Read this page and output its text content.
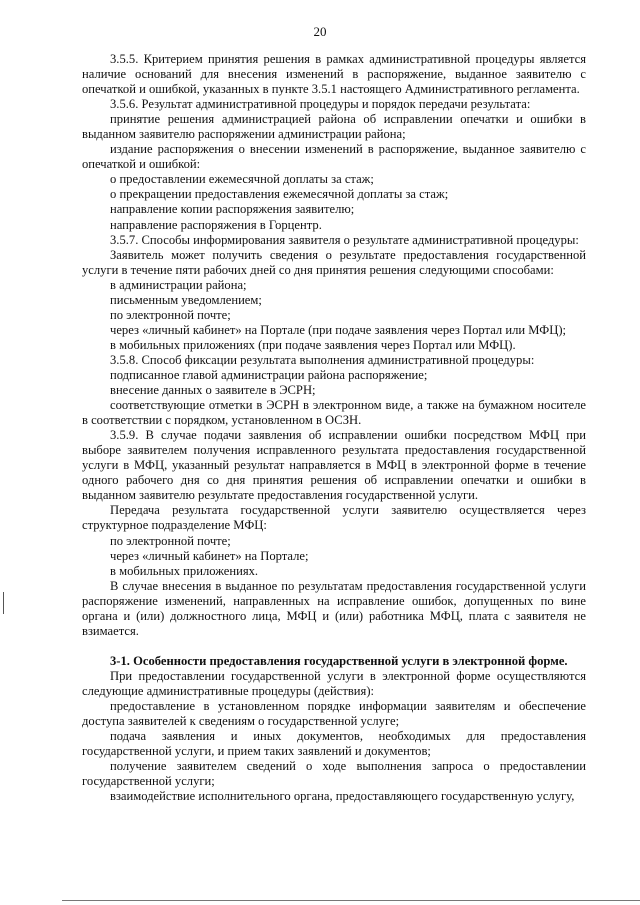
20

3.5.5. Критерием принятия решения в рамках административной процедуры является наличие оснований для внесения изменений в распоряжение, выданное заявителю с опечаткой и ошибкой, указанных в пункте 3.5.1 настоящего Административного регламента.

3.5.6. Результат административной процедуры и порядок передачи результата:

принятие решения администрацией района об исправлении опечатки и ошибки в выданном заявителю распоряжении администрации района;

издание распоряжения о внесении изменений в распоряжение, выданное заявителю с опечаткой и ошибкой:

о предоставлении ежемесячной доплаты за стаж;

о прекращении предоставления ежемесячной доплаты за стаж;

направление копии распоряжения заявителю;

направление распоряжения в Горцентр.

3.5.7. Способы информирования заявителя о результате административной процедуры:

Заявитель может получить сведения о результате предоставления государственной услуги в течение пяти рабочих дней со дня принятия решения следующими способами:

в администрации района;

письменным уведомлением;

по электронной почте;

через «личный кабинет» на Портале (при подаче заявления через Портал или МФЦ);

в мобильных приложениях (при подаче заявления через Портал или МФЦ).

3.5.8. Способ фиксации результата выполнения административной процедуры:

подписанное главой администрации района распоряжение;

внесение данных о заявителе в ЭСРН;

соответствующие отметки в ЭСРН в электронном виде, а также на бумажном носителе в соответствии с порядком, установленном в ОСЗН.

3.5.9. В случае подачи заявления об исправлении ошибки посредством МФЦ при выборе заявителем получения исправленного результата предоставления государственной услуги в МФЦ, указанный результат направляется в МФЦ в электронной форме в течение одного рабочего дня со дня принятия решения об исправлении опечатки и ошибки в выданном заявителю результате предоставления государственной услуги.

Передача результата государственной услуги заявителю осуществляется через структурное подразделение МФЦ:

по электронной почте;

через «личный кабинет» на Портале;

в мобильных приложениях.

В случае внесения в выданное по результатам предоставления государственной услуги распоряжение изменений, направленных на исправление ошибок, допущенных по вине органа и (или) должностного лица, МФЦ и (или) работника МФЦ, плата с заявителя не взимается.

3-1. Особенности предоставления государственной услуги в электронной форме.

При предоставлении государственной услуги в электронной форме осуществляются следующие административные процедуры (действия):

предоставление в установленном порядке информации заявителям и обеспечение доступа заявителей к сведениям о государственной услуге;

подача заявления и иных документов, необходимых для предоставления государственной услуги, и прием таких заявлений и документов;

получение заявителем сведений о ходе выполнения запроса о предоставлении государственной услуги;

взаимодействие исполнительного органа, предоставляющего государственную услугу,
